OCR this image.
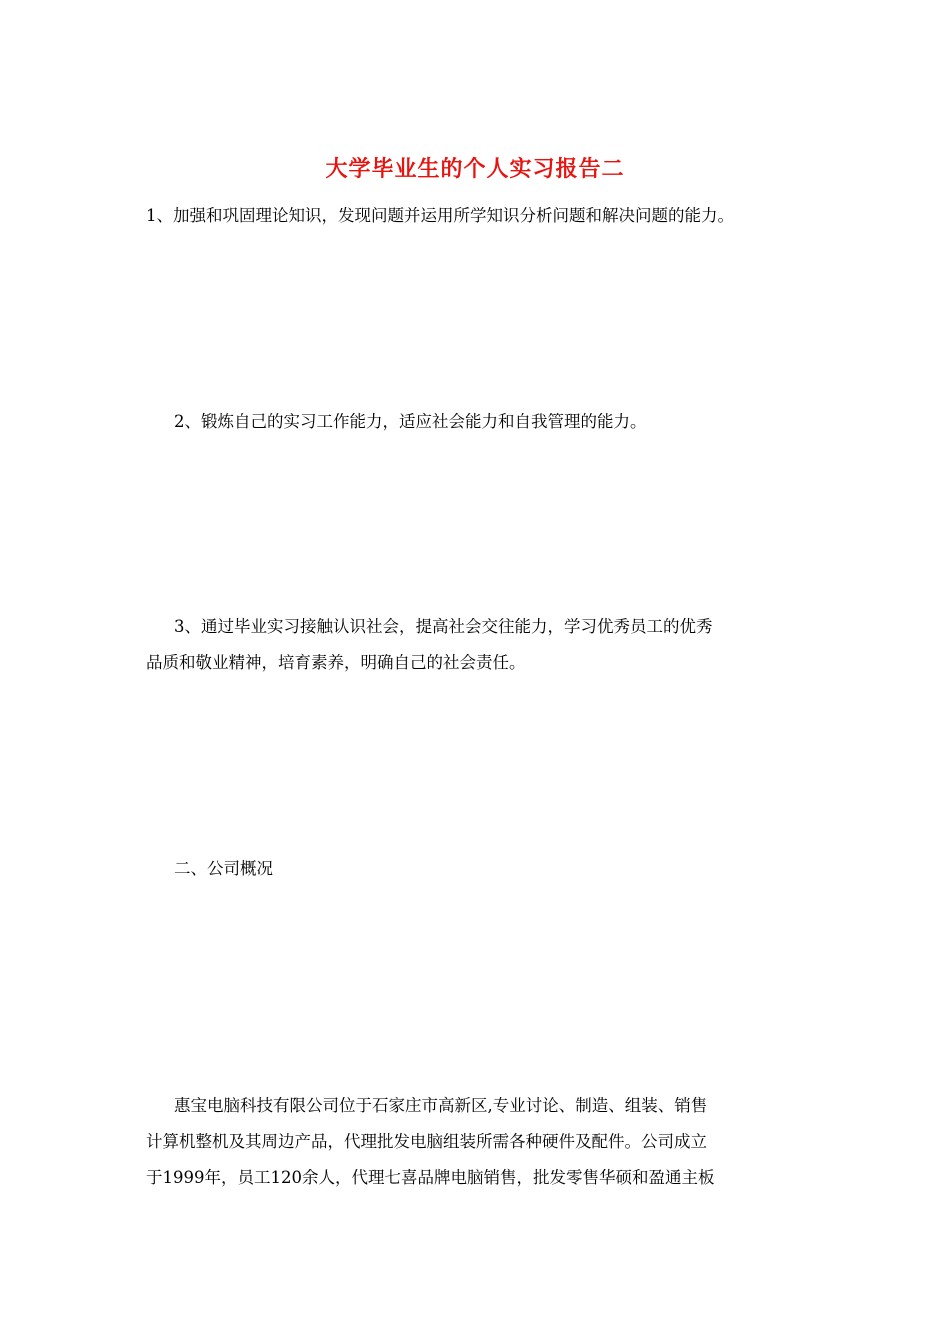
大学毕业生的个人实习报告二
1、加强和巩固理论知识，发现问题并运用所学知识分析问题和解决问题的能力。
2、锻炼自己的实习工作能力，适应社会能力和自我管理的能力。
3、通过毕业实习接触认识社会，提高社会交往能力，学习优秀员工的优秀
品质和敬业精神，培育素养，明确自己的社会责任。
二、公司概况
惠宝电脑科技有限公司位于石家庄市高新区,专业讨论、制造、组装、销售
计算机整机及其周边产品，代理批发电脑组装所需各种硬件及配件。公司成立
于1999年，员工120余人，代理七喜品牌电脑销售，批发零售华硕和盈通主板
